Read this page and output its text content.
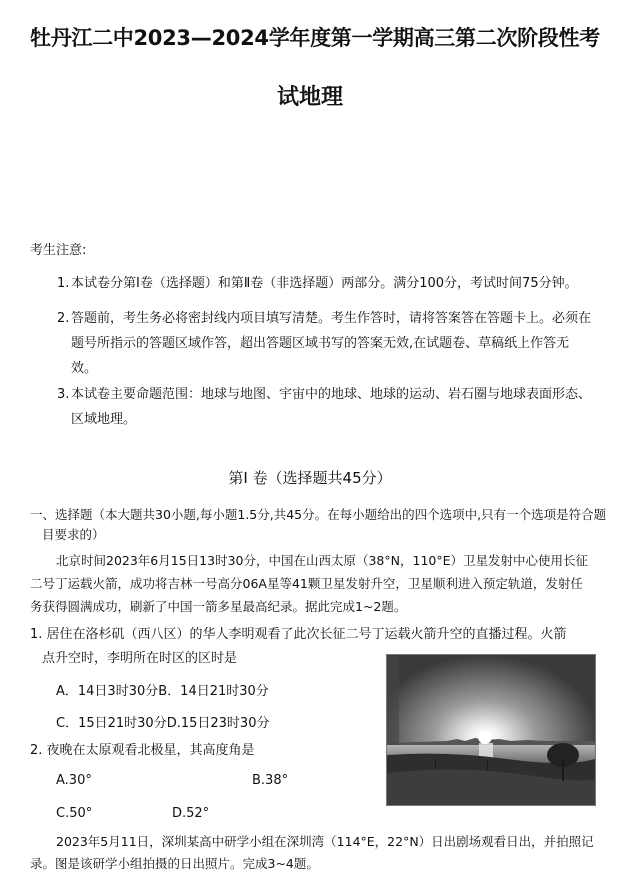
牡丹江二中2023—2024学年度第一学期高三第二次阶段性考
试地理
考生注意:
1. 本试卷分第Ⅰ卷（选择题）和第Ⅱ卷（非选择题）两部分。满分100分，考试时间75分钟。
2. 答题前，考生务必将密封线内项目填写清楚。考生作答时，请将答案答在答题卡上。必须在题号所指示的答题区域作答，超出答题区域书写的答案无效,在试题卷、草稿纸上作答无效。
3. 本试卷主要命题范围：地球与地图、宇宙中的地球、地球的运动、岩石圈与地球表面形态、区域地理。
第Ⅰ 卷（选择题共45分）
一、选择题（本大题共30小题,每小题1.5分,共45分。在每小题给出的四个选项中,只有一个选项是符合题目要求的）
北京时间2023年6月15日13时30分，中国在山西太原（38°N，110°E）卫星发射中心使用长征二号丁运载火箭，成功将吉林一号高分06A星等41颗卫星发射升空，卫星顺利进入预定轨道，发射任务获得圆满成功，刷新了中国一箭多星最高纪录。据此完成1~2题。
1. 居住在洛杉矶（西八区）的华人李明观看了此次长征二号丁运载火箭升空的直播过程。火箭
点升空时，李明所在时区的区时是
A．14日3时30分B．14日21时30分
C．15日21时30分D.15日23时30分
2. 夜晚在太原观看北极星，其高度角是
A.30°	B.38°
C.50°	D.52°
2023年5月11日，深圳某高中研学小组在深圳湾（114°E，22°N）日出剧场观看日出，并拍照记录。图是该研学小组拍摄的日出照片。完成3~4题。
